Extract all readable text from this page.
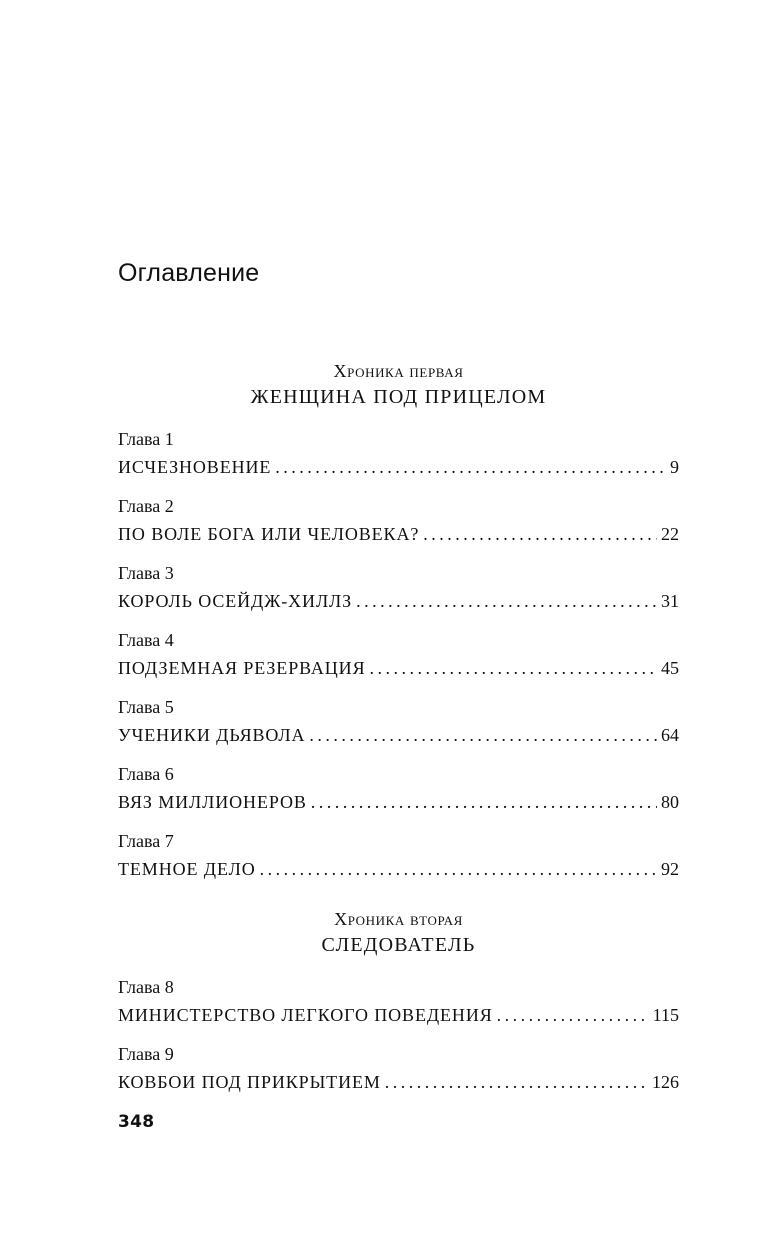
Оглавление
Хроника первая
ЖЕНЩИНА ПОД ПРИЦЕЛОМ
Глава 1
ИСЧЕЗНОВЕНИЕ . . .	9
Глава 2
ПО ВОЛЕ БОГА ИЛИ ЧЕЛОВЕКА? . . .	22
Глава 3
КОРОЛЬ ОСЕЙДЖ-ХИЛЛЗ . . .	31
Глава 4
ПОДЗЕМНАЯ РЕЗЕРВАЦИЯ . . .	45
Глава 5
УЧЕНИКИ ДЬЯВОЛА . . .	64
Глава 6
ВЯЗ МИЛЛИОНЕРОВ . . .	80
Глава 7
ТЕМНОЕ ДЕЛО . . .	92
Хроника вторая
СЛЕДОВАТЕЛЬ
Глава 8
МИНИСТЕРСТВО ЛЕГКОГО ПОВЕДЕНИЯ . . .	115
Глава 9
КОВБОИ ПОД ПРИКРЫТИЕМ . . .	126
348
